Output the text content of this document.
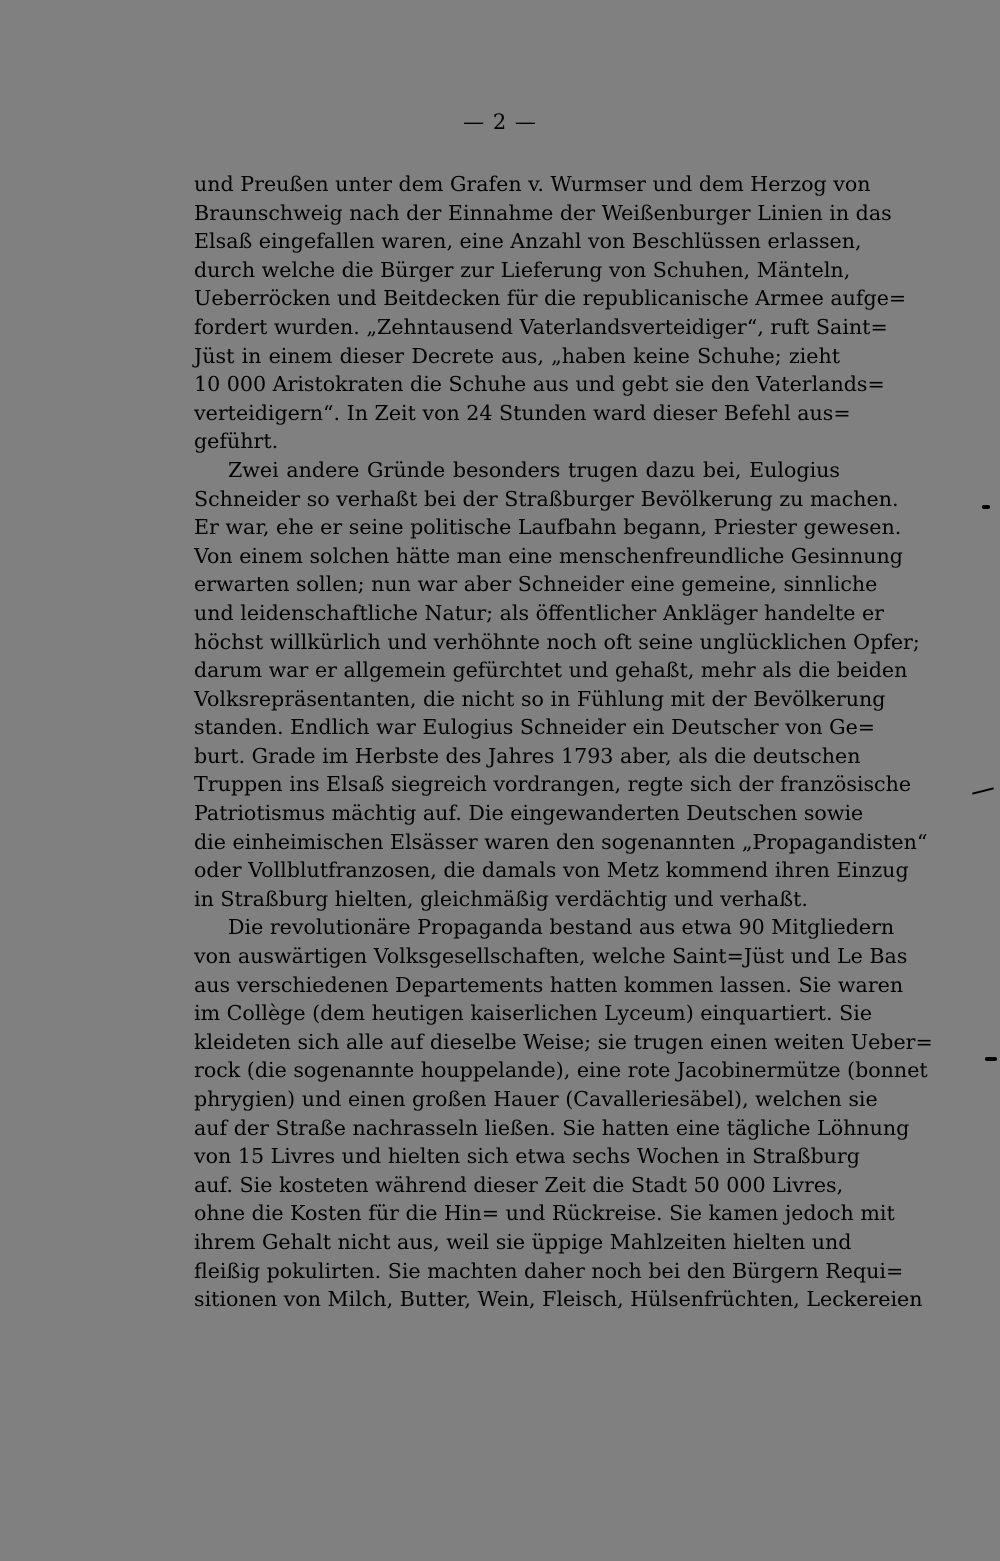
— 2 —
und Preußen unter dem Grafen v. Wurmser und dem Herzog von
Braunschweig nach der Einnahme der Weißenburger Linien in das
Elsaß eingefallen waren, eine Anzahl von Beschlüssen erlassen,
durch welche die Bürger zur Lieferung von Schuhen, Mänteln,
Ueberröcken und Beitdecken für die republicanische Armee aufge=
fordert wurden. „Zehntausend Vaterlandsverteidiger“, ruft Saint=
Jüst in einem dieser Decrete aus, „haben keine Schuhe; zieht
10 000 Aristokraten die Schuhe aus und gebt sie den Vaterlands=
verteidigern“. In Zeit von 24 Stunden ward dieser Befehl aus=
geführt.
Zwei andere Gründe besonders trugen dazu bei, Eulogius
Schneider so verhaßt bei der Straßburger Bevölkerung zu machen.
Er war, ehe er seine politische Laufbahn begann, Priester gewesen.
Von einem solchen hätte man eine menschenfreundliche Gesinnung
erwarten sollen; nun war aber Schneider eine gemeine, sinnliche
und leidenschaftliche Natur; als öffentlicher Ankläger handelte er
höchst willkürlich und verhöhnte noch oft seine unglücklichen Opfer;
darum war er allgemein gefürchtet und gehaßt, mehr als die beiden
Volksrepräsentanten, die nicht so in Fühlung mit der Bevölkerung
standen. Endlich war Eulogius Schneider ein Deutscher von Ge=
burt. Grade im Herbste des Jahres 1793 aber, als die deutschen
Truppen ins Elsaß siegreich vordrangen, regte sich der französische
Patriotismus mächtig auf. Die eingewanderten Deutschen sowie
die einheimischen Elsässer waren den sogenannten „Propagandisten“
oder Vollblutfranzosen, die damals von Metz kommend ihren Einzug
in Straßburg hielten, gleichmäßig verdächtig und verhaßt.
Die revolutionäre Propaganda bestand aus etwa 90 Mitgliedern
von auswärtigen Volksgesellschaften, welche Saint=Jüst und Le Bas
aus verschiedenen Departements hatten kommen lassen. Sie waren
im Collège (dem heutigen kaiserlichen Lyceum) einquartiert. Sie
kleideten sich alle auf dieselbe Weise; sie trugen einen weiten Ueber=
rock (die sogenannte houppelande), eine rote Jacobinermütze (bonnet
phrygien) und einen großen Hauer (Cavalleriesäbel), welchen sie
auf der Straße nachrasseln ließen. Sie hatten eine tägliche Löhnung
von 15 Livres und hielten sich etwa sechs Wochen in Straßburg
auf. Sie kosteten während dieser Zeit die Stadt 50 000 Livres,
ohne die Kosten für die Hin= und Rückreise. Sie kamen jedoch mit
ihrem Gehalt nicht aus, weil sie üppige Mahlzeiten hielten und
fleißig pokulirten. Sie machten daher noch bei den Bürgern Requi=
sitionen von Milch, Butter, Wein, Fleisch, Hülsenfrüchten, Leckereien
